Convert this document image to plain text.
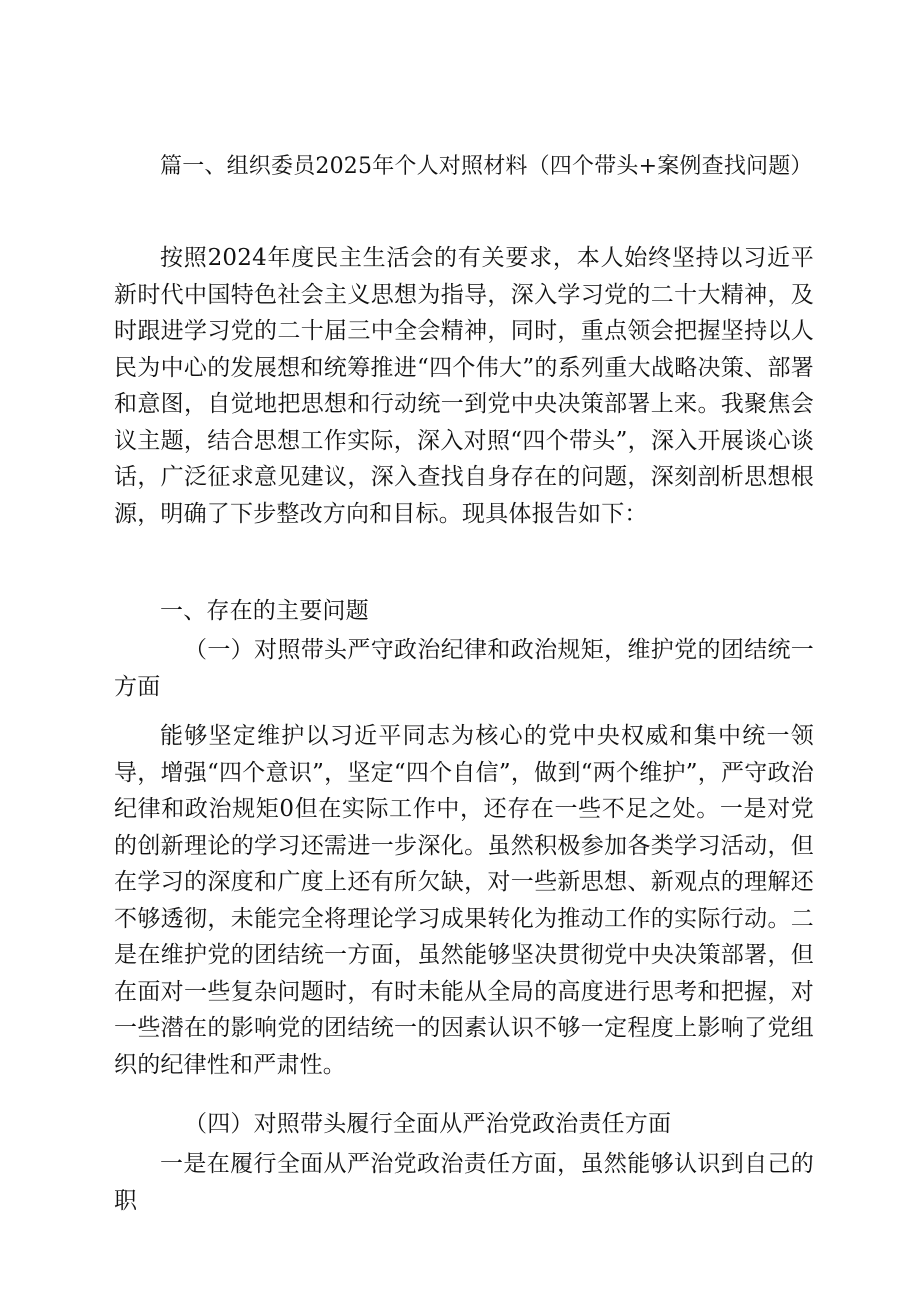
篇一、组织委员2025年个人对照材料（四个带头+案例查找问题）

按照2024年度民主生活会的有关要求，本人始终坚持以习近平新时代中国特色社会主义思想为指导，深入学习党的二十大精神，及时跟进学习党的二十届三中全会精神，同时，重点领会把握坚持以人民为中心的发展想和统筹推进“四个伟大”的系列重大战略决策、部署和意图，自觉地把思想和行动统一到党中央决策部署上来。我聚焦会议主题，结合思想工作实际，深入对照“四个带头”，深入开展谈心谈话，广泛征求意见建议，深入查找自身存在的问题，深刻剖析思想根源，明确了下步整改方向和目标。现具体报告如下：

一、存在的主要问题

（一）对照带头严守政治纪律和政治规矩，维护党的团结统一方面

能够坚定维护以习近平同志为核心的党中央权威和集中统一领导，增强“四个意识”，坚定“四个自信”，做到“两个维护”，严守政治纪律和政治规矩0但在实际工作中，还存在一些不足之处。一是对党的创新理论的学习还需进一步深化。虽然积极参加各类学习活动，但在学习的深度和广度上还有所欠缺，对一些新思想、新观点的理解还不够透彻，未能完全将理论学习成果转化为推动工作的实际行动。二是在维护党的团结统一方面，虽然能够坚决贯彻党中央决策部署，但在面对一些复杂问题时，有时未能从全局的高度进行思考和把握，对一些潜在的影响党的团结统一的因素认识不够一定程度上影响了党组织的纪律性和严肃性。

（四）对照带头履行全面从严治党政治责任方面

一是在履行全面从严治党政治责任方面，虽然能够认识到自己的职
